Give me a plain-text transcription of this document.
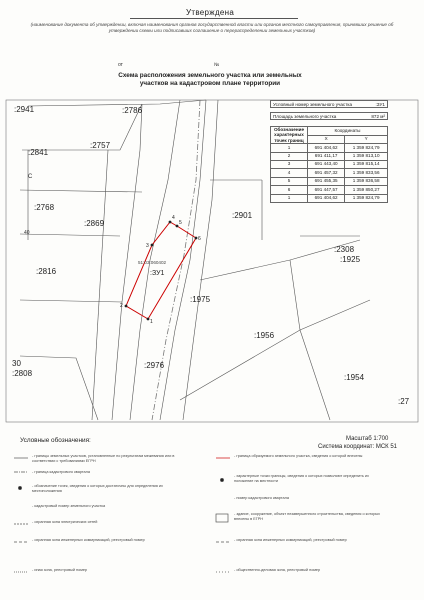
Утверждена
(наименование документа об утверждении, включая наименования органов государственной власти или органов местного самоуправления, принявших решение об утверждении схемы или подписавших соглашение о перераспределении земельных участков)
от	№
Схема расположения земельного участка или земельных
участков на кадастровом плане территории
1
2
3
4
5
6
:2941	:2786
:2841
:2757
:2768
:2869
:2816
:2901
:2308
:1925
:1975
:1956
:2976
:1954
30
:2808
:27
:ЗУ1
51:03:060402
C
40
Условный номер земельного участка	:ЗУ1
Площадь земельного участка	872 м²
Обозначение характерных точек границ	Координаты	
	X	Y
1	691 404,62	1 359 824,79
2	691 411,17	1 359 813,10
3	691 443,40	1 359 815,14
4	691 457,32	1 359 833,56
5	691 455,35	1 359 836,58
6	691 447,57	1 359 850,27
1	691 404,62	1 359 824,79
Условные обозначения:	Масштаб 1:700
Система координат: МСК 51
- границы земельных участков, установленные по результатам межевания или в соответствии с требованиями ЕГРН
- граница кадастрового квартала
- обозначение точек, сведения о которых достаточны для определения их местоположения
- кадастровый номер земельного участка
- охранная зона электрических сетей
- охранная зона инженерных коммуникаций, реестровый номер
- иная зона, реестровый номер
- граница образуемого земельного участка, сведения о которой внесены
- характерные точки границы, сведения о которых позволяют определить их положение на местности
- номер кадастрового квартала
- здание, сооружение, объект незавершенного строительства, сведения о которых внесены в ЕГРН
- охранная зона инженерных коммуникаций, реестровый номер
- общественно-деловая зона, реестровый номер
